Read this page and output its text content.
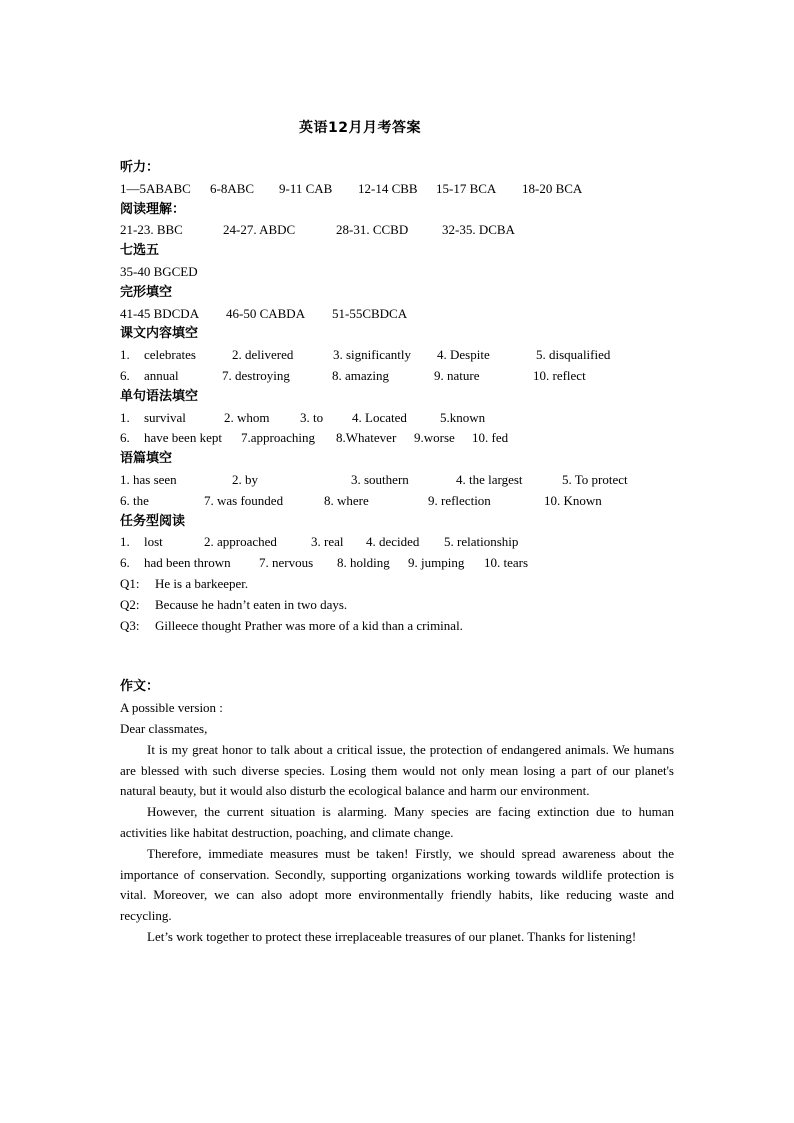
英语12月月考答案
听力：
1—5ABABC 6-8ABC 9-11 CAB 12-14 CBB 15-17 BCA 18-20 BCA
阅读理解：
21-23. BBC	24-27. ABDC	28-31. CCBD	32-35. DCBA
七选五
35-40 BGCED
完形填空
41-45 BDCDA 46-50 CABDA 51-55CBDCA
课文内容填空
1. celebrates	2. delivered	3. significantly 4. Despite	5. disqualified
6. annual	7. destroying	8. amazing	9. nature	10. reflect
单句语法填空
1. survival	2. whom 3. to 4. Located	5.known
6. have been kept 7.approaching 8.Whatever 9.worse 10. fed
语篇填空
1. has seen	2. by	3. southern	4. the largest	5. To protect
6. the	7. was founded	8. where	9. reflection	10. Known
任务型阅读
1. lost	2. approached	3. real 4. decided 5. relationship
6. had been thrown 7. nervous 8. holding 9. jumping 10. tears
Q1: He is a barkeeper.
Q2: Because he hadn’t eaten in two days.
Q3: Gilleece thought Prather was more of a kid than a criminal.
作文：
A possible version :
Dear classmates,

It is my great honor to talk about a critical issue, the protection of endangered animals. We humans are blessed with such diverse species. Losing them would not only mean losing a part of our planet's natural beauty, but it would also disturb the ecological balance and harm our environment.

However, the current situation is alarming. Many species are facing extinction due to human activities like habitat destruction, poaching, and climate change.

Therefore, immediate measures must be taken! Firstly, we should spread awareness about the importance of conservation. Secondly, supporting organizations working towards wildlife protection is vital. Moreover, we can also adopt more environmentally friendly habits, like reducing waste and recycling.

Let’s work together to protect these irreplaceable treasures of our planet. Thanks for listening!
